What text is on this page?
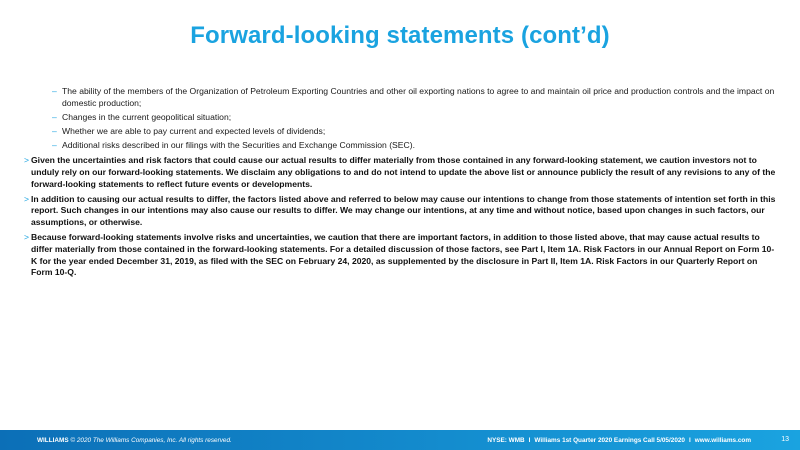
Forward-looking statements (cont’d)
– The ability of the members of the Organization of Petroleum Exporting Countries and other oil exporting nations to agree to and maintain oil price and production controls and the impact on domestic production;
– Changes in the current geopolitical situation;
– Whether we are able to pay current and expected levels of dividends;
– Additional risks described in our filings with the Securities and Exchange Commission (SEC).
> Given the uncertainties and risk factors that could cause our actual results to differ materially from those contained in any forward-looking statement, we caution investors not to unduly rely on our forward-looking statements. We disclaim any obligations to and do not intend to update the above list or announce publicly the result of any revisions to any of the forward-looking statements to reflect future events or developments.
> In addition to causing our actual results to differ, the factors listed above and referred to below may cause our intentions to change from those statements of intention set forth in this report. Such changes in our intentions may also cause our results to differ. We may change our intentions, at any time and without notice, based upon changes in such factors, our assumptions, or otherwise.
> Because forward-looking statements involve risks and uncertainties, we caution that there are important factors, in addition to those listed above, that may cause actual results to differ materially from those contained in the forward-looking statements. For a detailed discussion of those factors, see Part I, Item 1A. Risk Factors in our Annual Report on Form 10-K for the year ended December 31, 2019, as filed with the SEC on February 24, 2020, as supplemented by the disclosure in Part II, Item 1A. Risk Factors in our Quarterly Report on Form 10-Q.
WILLIAMS © 2020 The Williams Companies, Inc. All rights reserved.	NYSE: WMB I Williams 1st Quarter 2020 Earnings Call 5/05/2020 I www.williams.com	13
